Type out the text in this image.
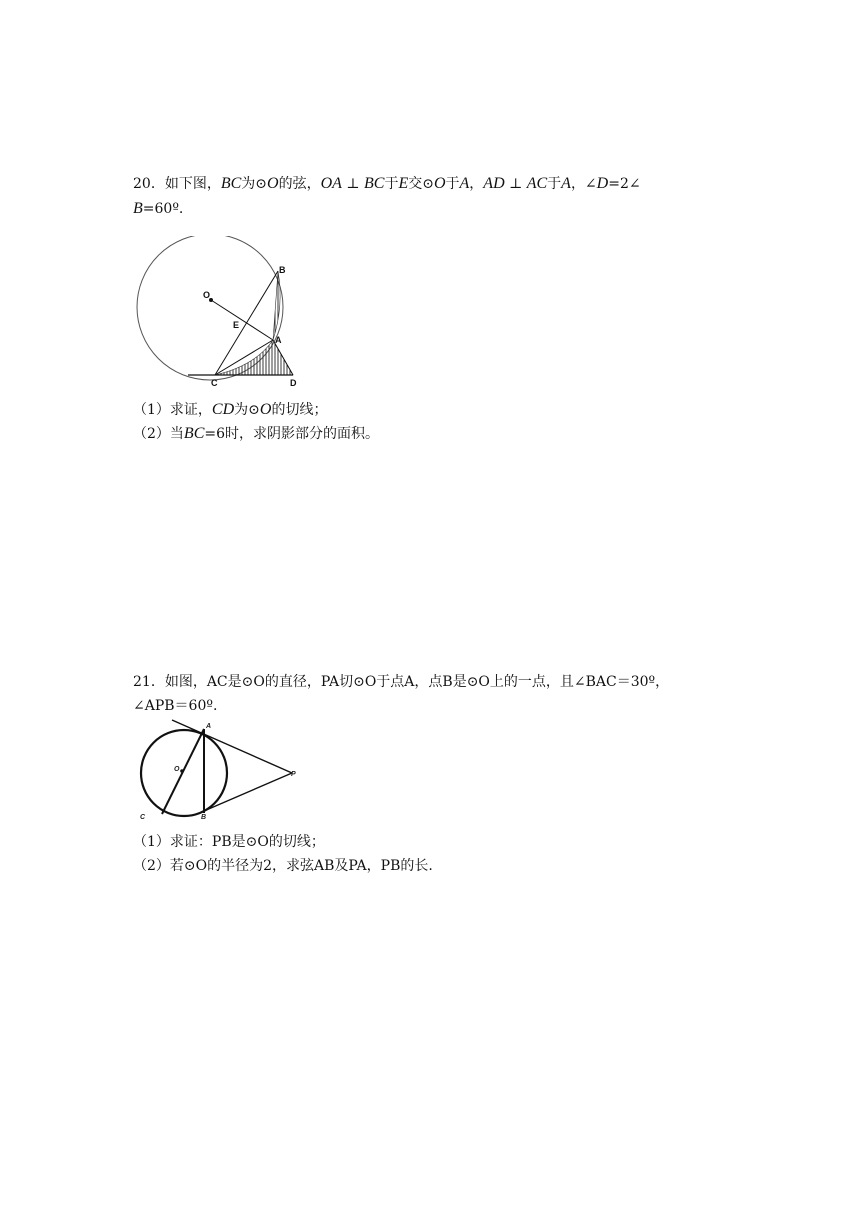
20．如下图，BC为⊙O的弦，OA ⊥ BC于E交⊙O于A，AD ⊥ AC于A，∠D=2∠
B=60º.
B
O
E
A
C	D
（1）求证，CD为⊙O的切线；
（2）当BC=6时，求阴影部分的面积。
21．如图，AC是⊙O的直径，PA切⊙O于点A，点B是⊙O上的一点，且∠BAC＝30º，
∠APB＝60º.
A
O
P
C	B
（1）求证：PB是⊙O的切线；
（2）若⊙O的半径为2，求弦AB及PA，PB的长.
